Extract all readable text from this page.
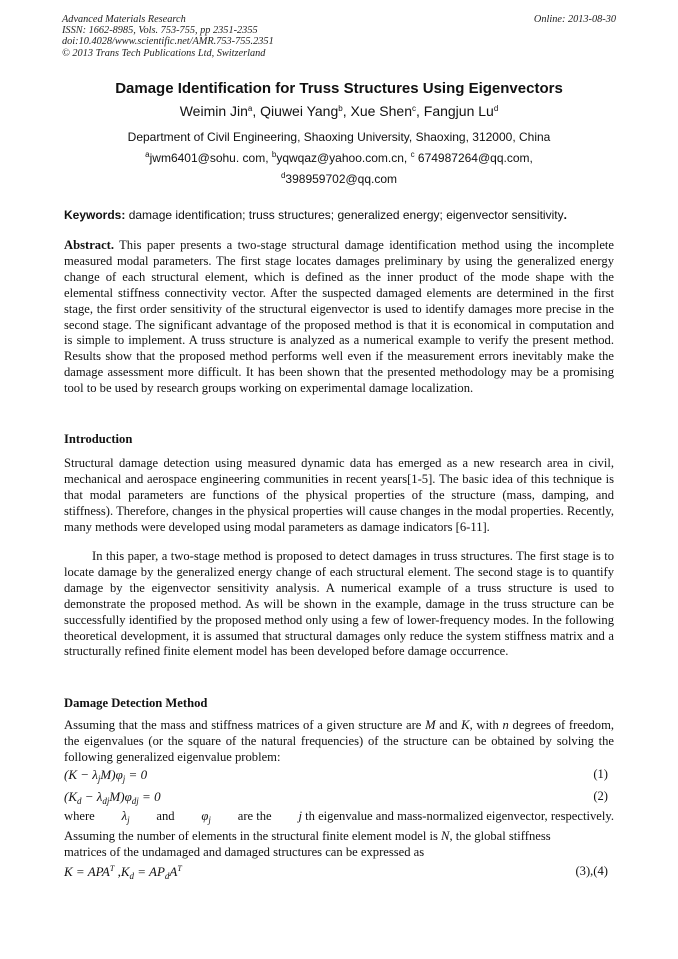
Advanced Materials Research
ISSN: 1662-8985, Vols. 753-755, pp 2351-2355
doi:10.4028/www.scientific.net/AMR.753-755.2351
© 2013 Trans Tech Publications Ltd, Switzerland
Online: 2013-08-30
Damage Identification for Truss Structures Using Eigenvectors
Weimin Jin$^a$, Qiuwei Yang$^b$, Xue Shen$^c$, Fangjun Lu$^d$
Department of Civil Engineering, Shaoxing University, Shaoxing, 312000, China
$^a$jwm6401@sohu. com, $^b$yqwqaz@yahoo.com.cn, $^c$ 674987264@qq.com,
$^d$398959702@qq.com
Keywords: damage identification; truss structures; generalized energy; eigenvector sensitivity.
Abstract. This paper presents a two-stage structural damage identification method using the incomplete measured modal parameters. The first stage locates damages preliminary by using the generalized energy change of each structural element, which is defined as the inner product of the mode shape with the elemental stiffness connectivity vector. After the suspected damaged elements are determined in the first stage, the first order sensitivity of the structural eigenvector is used to identify damages more precise in the second stage. The significant advantage of the proposed method is that it is economical in computation and is simple to implement. A truss structure is analyzed as a numerical example to verify the present method. Results show that the proposed method performs well even if the measurement errors inevitably make the damage assessment more difficult. It has been shown that the presented methodology may be a promising tool to be used by research groups working on experimental damage localization.
Introduction
Structural damage detection using measured dynamic data has emerged as a new research area in civil, mechanical and aerospace engineering communities in recent years[1-5]. The basic idea of this technique is that modal parameters are functions of the physical properties of the structure (mass, damping, and stiffness). Therefore, changes in the physical properties will cause changes in the modal properties. Recently, many methods were developed using modal parameters as damage indicators [6-11].
In this paper, a two-stage method is proposed to detect damages in truss structures. The first stage is to locate damage by the generalized energy change of each structural element. The second stage is to quantify damage by the eigenvector sensitivity analysis. A numerical example of a truss structure is used to demonstrate the proposed method. As will be shown in the example, damage in the truss structure can be successfully identified by the proposed method only using a few of lower-frequency modes. In the following theoretical development, it is assumed that structural damages only reduce the system stiffness matrix and a structurally refined finite element model has been developed before damage occurrence.
Damage Detection Method
Assuming that the mass and stiffness matrices of a given structure are M and K, with n degrees of freedom, the eigenvalues (or the square of the natural frequencies) of the structure can be obtained by solving the following generalized eigenvalue problem:
$(K - \lambda_jM)\varphi_j = 0$	(1)
$(K_d - \lambda_{dj}M)\varphi_{dj} = 0$	(2)
where $\lambda_j$ and $\varphi_j$ are the j th eigenvalue and mass-normalized eigenvector, respectively.
Assuming the number of elements in the structural finite element model is N, the global stiffness
matrices of the undamaged and damaged structures can be expressed as
$K = APA^T$ $,K_d = AP_dA^T$	(3),(4)
